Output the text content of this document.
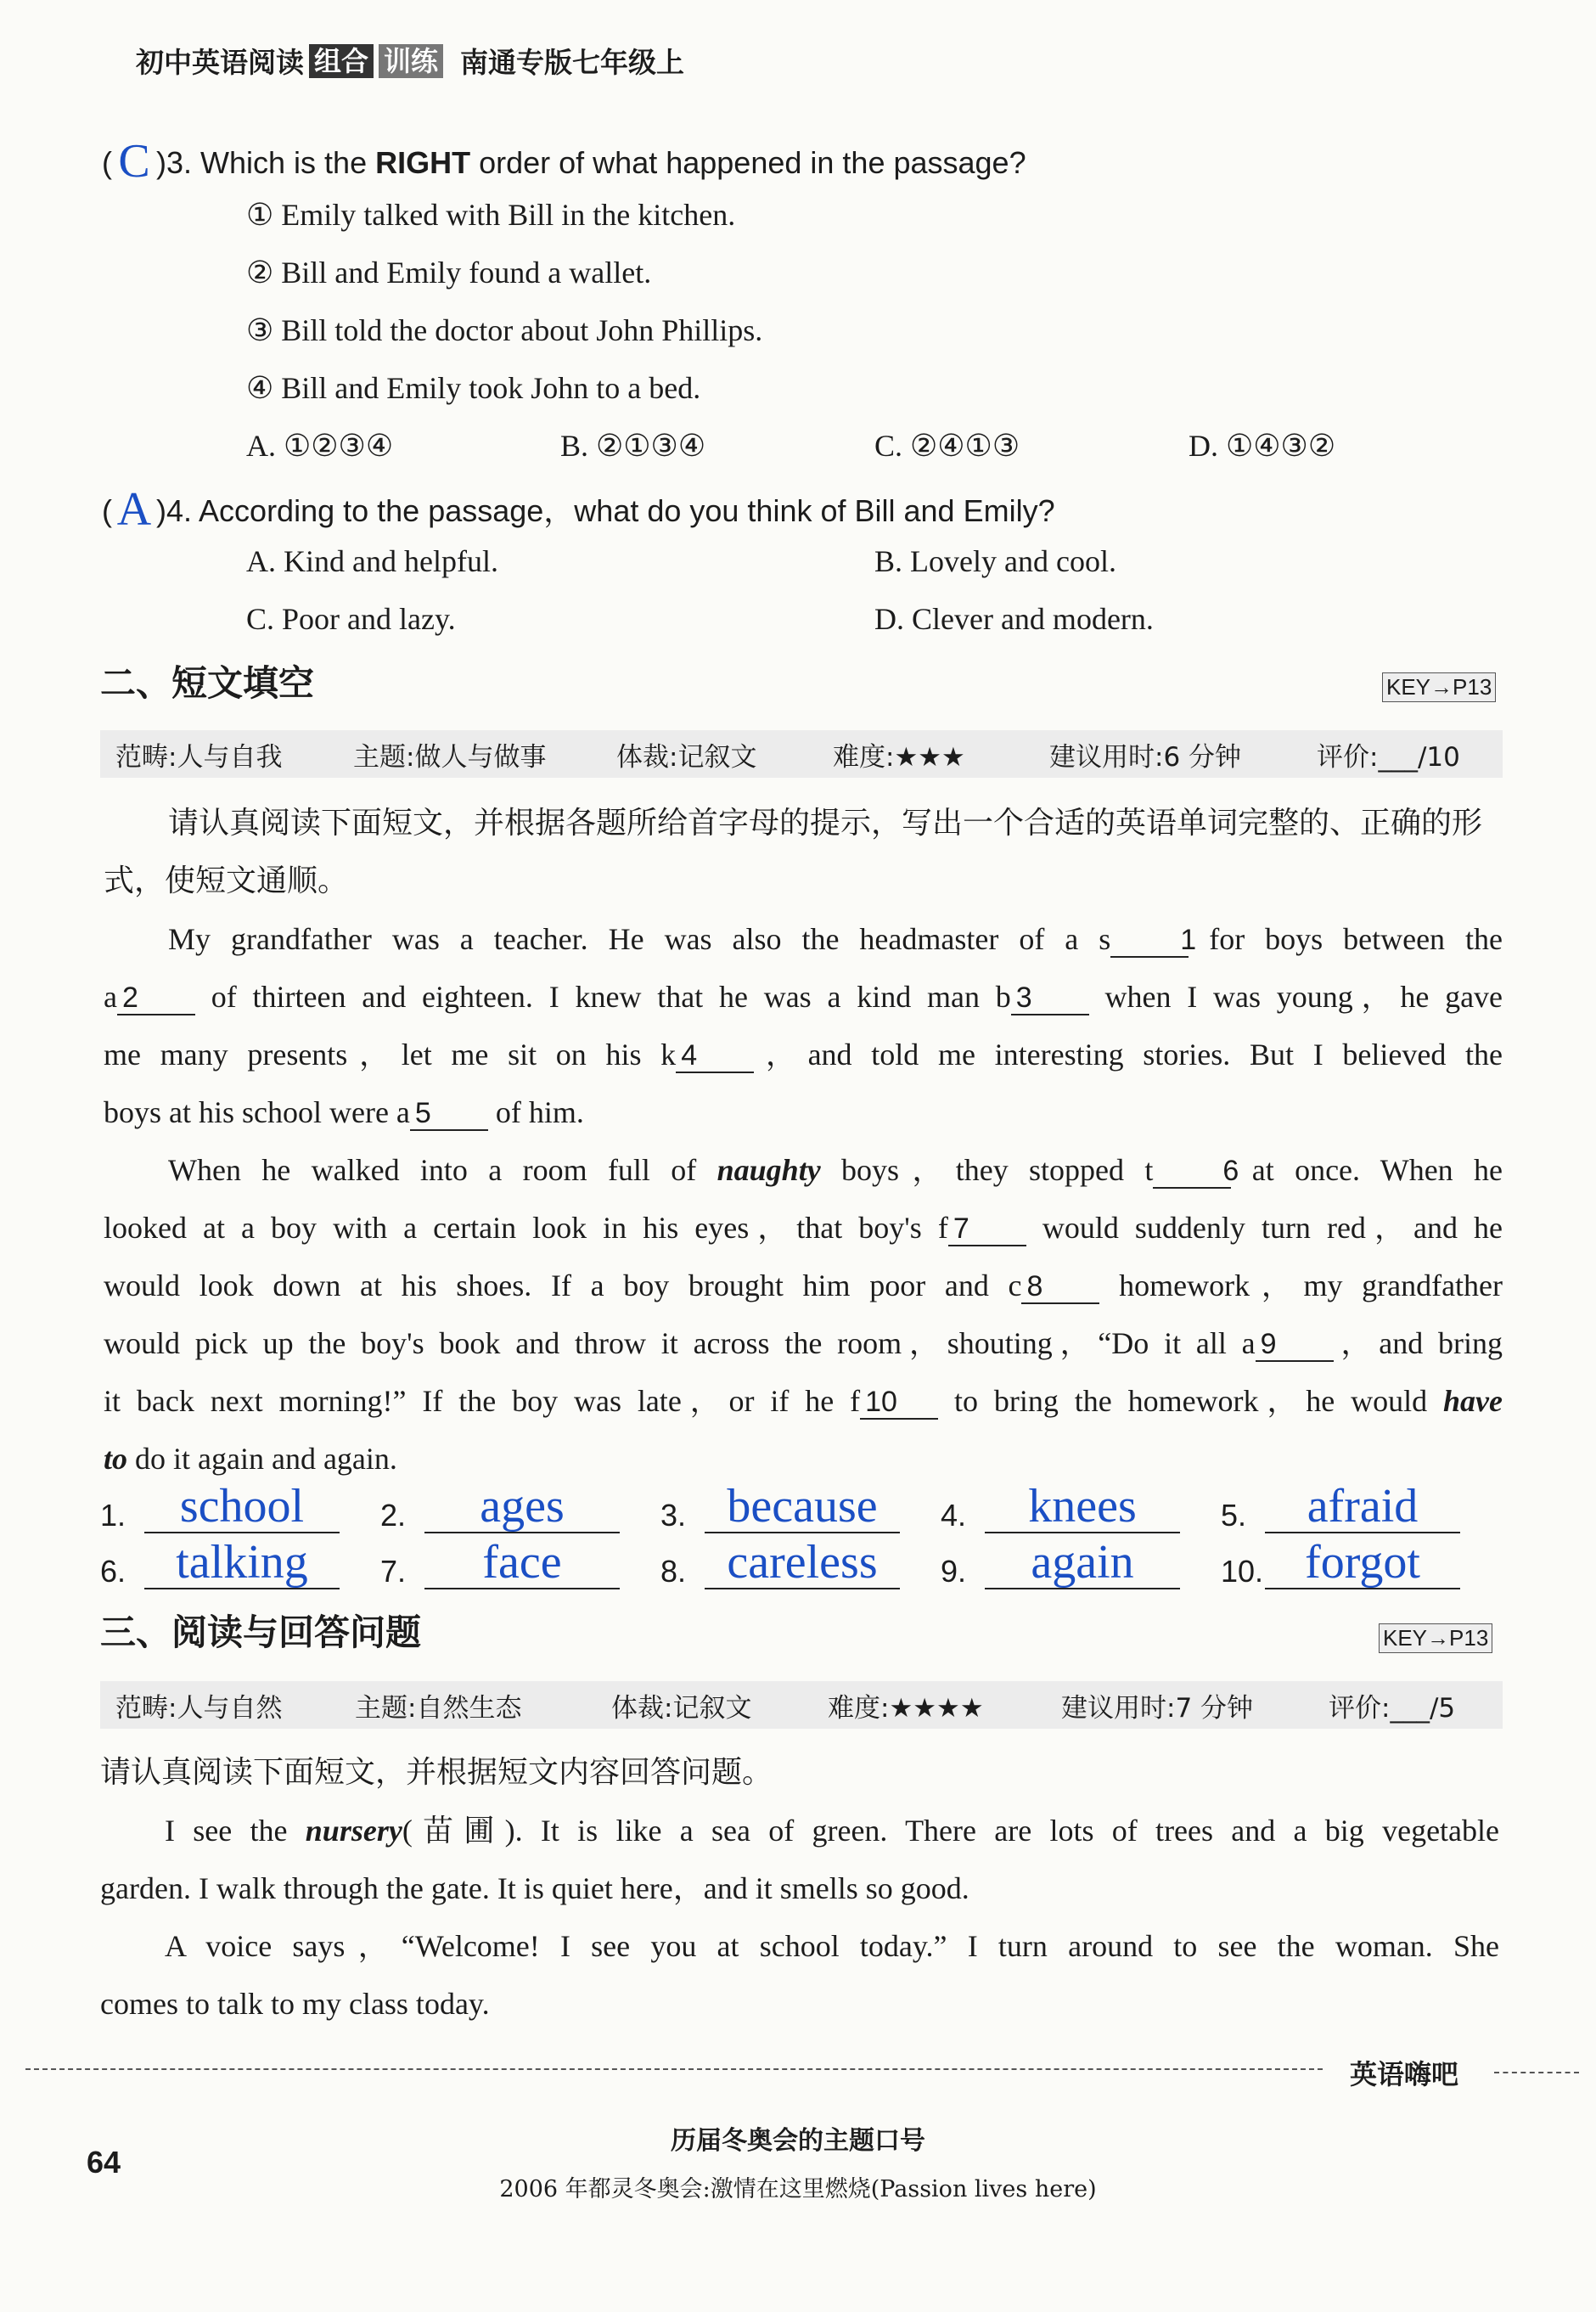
初中英语阅读 组合 训练 南通专版七年级上
( C )3. Which is the RIGHT order of what happened in the passage?
① Emily talked with Bill in the kitchen.
② Bill and Emily found a wallet.
③ Bill told the doctor about John Phillips.
④ Bill and Emily took John to a bed.
A. ①②③④	B. ②①③④	C. ②④①③	D. ①④③②
( A )4. According to the passage，what do you think of Bill and Emily?
A. Kind and helpful.	B. Lovely and cool.
C. Poor and lazy.	D. Clever and modern.
二、短文填空	KEY→P13
范畴:人与自我	主题:做人与做事	体裁:记叙文	难度:★★★	建议用时:6 分钟	评价:___/10
请认真阅读下面短文，并根据各题所给首字母的提示，写出一个合适的英语单词完整的、正确的形式，使短文通顺。
My grandfather was a teacher. He was also the headmaster of a s 1 for boys between the
a 2 of thirteen and eighteen. I knew that he was a kind man b 3 when I was young，he gave
me many presents，let me sit on his k 4 ，and told me interesting stories. But I believed the
boys at his school were a 5 of him.
When he walked into a room full of naughty boys，they stopped t 6 at once. When he
looked at a boy with a certain look in his eyes，that boy's f 7 would suddenly turn red，and he
would look down at his shoes. If a boy brought him poor and c 8 homework，my grandfather
would pick up the boy's book and throw it across the room，shouting，“Do it all a 9 ，and bring
it back next morning!” If the boy was late，or if he f 10 to bring the homework，he would have
to do it again and again.
1.	school	2.	ages	3. because	4.	knees	5.	afraid
6.	talking	7.	face	8. careless	9.	again	10. forgot
三、阅读与回答问题	KEY→P13
范畴:人与自然	主题:自然生态	体裁:记叙文	难度:★★★★	建议用时:7 分钟	评价:___/5
请认真阅读下面短文，并根据短文内容回答问题。
I see the nursery(苗圃). It is like a sea of green. There are lots of trees and a big vegetable
garden. I walk through the gate. It is quiet here，and it smells so good.
A voice says，“Welcome! I see you at school today.” I turn around to see the woman. She
comes to talk to my class today.
英语嗨吧
历届冬奥会的主题口号
64
2006 年都灵冬奥会:激情在这里燃烧(Passion lives here)
